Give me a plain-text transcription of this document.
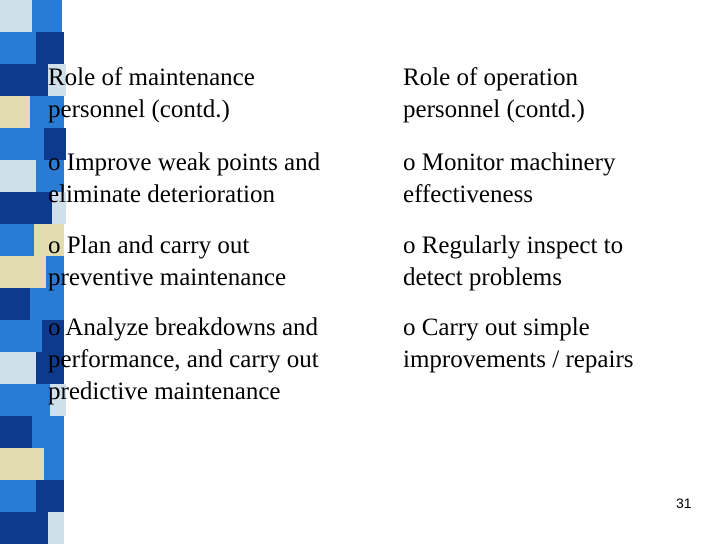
Role of maintenance
personnel (contd.)
Role of operation
personnel (contd.)
o Improve weak points and
eliminate deterioration
o Monitor machinery
effectiveness
o Plan and carry out
preventive maintenance
o Regularly inspect to
detect problems
o Analyze breakdowns and
performance, and carry out
predictive maintenance
o Carry out simple
improvements / repairs
31
